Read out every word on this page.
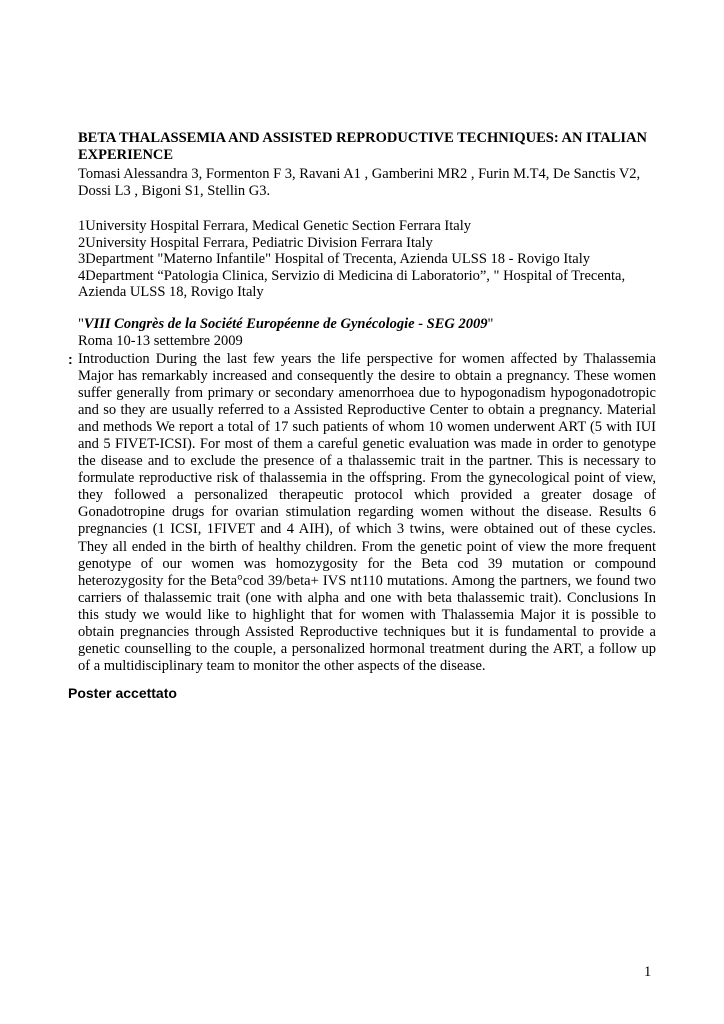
BETA THALASSEMIA AND ASSISTED REPRODUCTIVE TECHNIQUES: AN ITALIAN EXPERIENCE

Tomasi Alessandra 3, Formenton F 3, Ravani A1 , Gamberini MR2 , Furin M.T4, De Sanctis V2, Dossi L3 , Bigoni S1, Stellin G3.

1University Hospital Ferrara, Medical Genetic Section Ferrara Italy
2University Hospital Ferrara, Pediatric Division Ferrara Italy
3Department "Materno Infantile" Hospital of Trecenta, Azienda ULSS 18 - Rovigo Italy
4Department “Patologia Clinica, Servizio di Medicina di Laboratorio”, " Hospital of Trecenta, Azienda ULSS 18, Rovigo Italy
"VIII Congrès de la Société Européenne de Gynécologie - SEG 2009"
Roma 10-13 settembre 2009
: Introduction During the last few years the life perspective for women affected by Thalassemia Major has remarkably increased and consequently the desire to obtain a pregnancy. These women suffer generally from primary or secondary amenorrhoea due to hypogonadism hypogonadotropic and so they are usually referred to a Assisted Reproductive Center to obtain a pregnancy. Material and methods We report a total of 17 such patients of whom 10 women underwent ART (5 with IUI and 5 FIVET-ICSI). For most of them a careful genetic evaluation was made in order to genotype the disease and to exclude the presence of a thalassemic trait in the partner. This is necessary to formulate reproductive risk of thalassemia in the offspring. From the gynecological point of view, they followed a personalized therapeutic protocol which provided a greater dosage of Gonadotropine drugs for ovarian stimulation regarding women without the disease. Results 6 pregnancies (1 ICSI, 1FIVET and 4 AIH), of which 3 twins, were obtained out of these cycles. They all ended in the birth of healthy children. From the genetic point of view the more frequent genotype of our women was homozygosity for the Beta cod 39 mutation or compound heterozygosity for the Beta°cod 39/beta+ IVS nt110 mutations. Among the partners, we found two carriers of thalassemic trait (one with alpha and one with beta thalassemic trait). Conclusions In this study we would like to highlight that for women with Thalassemia Major it is possible to obtain pregnancies through Assisted Reproductive techniques but it is fundamental to provide a genetic counselling to the couple, a personalized hormonal treatment during the ART, a follow up of a multidisciplinary team to monitor the other aspects of the disease.

Poster accettato
1
